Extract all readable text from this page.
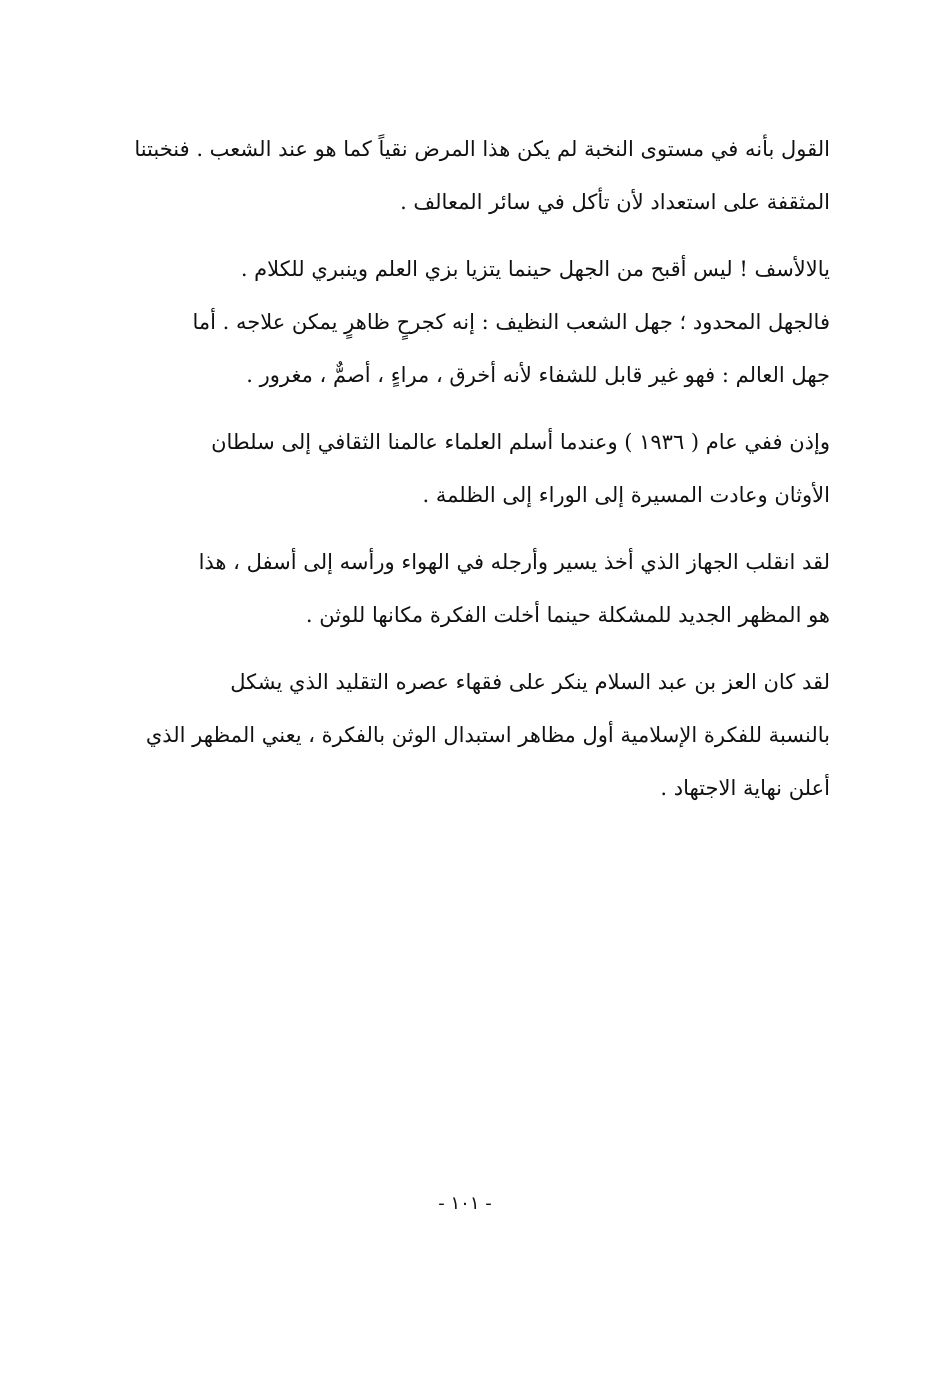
القول بأنه في مستوى النخبة لم يكن هذا المرض نقياً كما هو عند الشعب . فنخبتنا
المثقفة على استعداد لأن تأكل في سائر المعالف .

يالالأسف ! ليس أقبح من الجهل حينما يتزيا بزي العلم وينبري للكلام .
فالجهل المحدود ؛ جهل الشعب النظيف : إنه كجرحٍ ظاهرٍ يمكن علاجه . أما
جهل العالم : فهو غير قابل للشفاء لأنه أخرق ، مراءٍ ، أصمٌّ ، مغرور .

وإذن ففي عام ( ١٩٣٦ ) وعندما أسلم العلماء عالمنا الثقافي إلى سلطان
الأوثان وعادت المسيرة إلى الوراء إلى الظلمة .

لقد انقلب الجهاز الذي أخذ يسير وأرجله في الهواء ورأسه إلى أسفل ، هذا
هو المظهر الجديد للمشكلة حينما أخلت الفكرة مكانها للوثن .

لقد كان العز بن عبد السلام ينكر على فقهاء عصره التقليد الذي يشكل
بالنسبة للفكرة الإسلامية أول مظاهر استبدال الوثن بالفكرة ، يعني المظهر الذي
أعلن نهاية الاجتهاد .

- ١٠١ -
